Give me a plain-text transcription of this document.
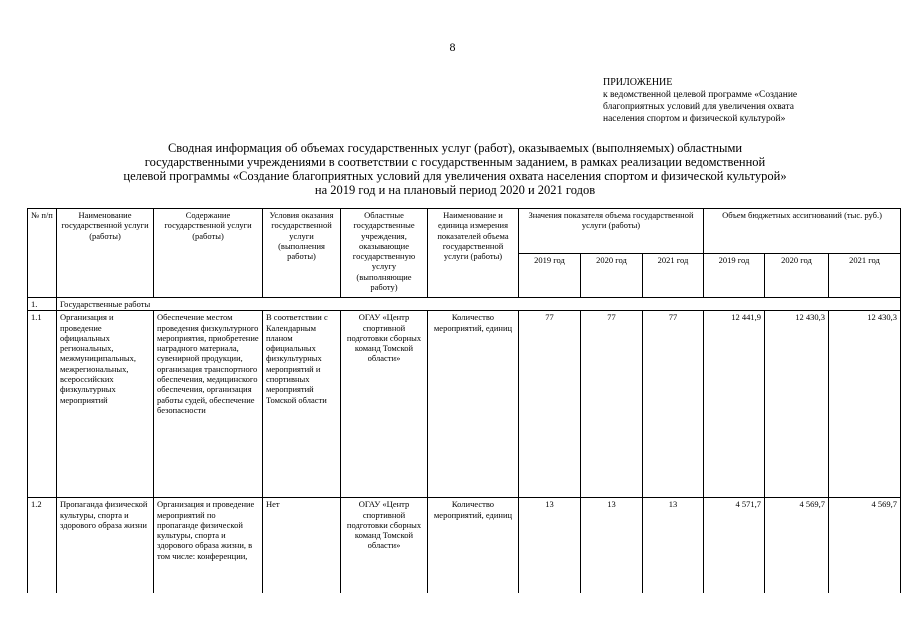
8
ПРИЛОЖЕНИЕ
к ведомственной целевой программе «Создание
благоприятных условий для увеличения охвата
населения спортом и физической культурой»
Сводная информация об объемах государственных услуг (работ), оказываемых (выполняемых) областными
государственными учреждениями в соответствии с государственным заданием, в рамках реализации ведомственной
целевой программы «Создание благоприятных условий для увеличения охвата населения спортом и физической культурой»
на 2019 год и на плановый период 2020 и 2021 годов
№ п/п	Наименование государственной услуги (работы)	Содержание государственной услуги (работы)	Условия оказания государственной услуги (выполнения работы)	Областные государственные учреждения, оказывающие государственную услугу (выполняющие работу)	Наименование и единица измерения показателей объема государственной услуги (работы)	Значения показателя объема государственной услуги (работы)			Объем бюджетных ассигнований (тыс. руб.)		
						2019 год	2020 год	2021 год	2019 год	2020 год	2021 год
1.	Государственные работы										
1.1	Организация и проведение официальных региональных, межмуниципальных, межрегиональных, всероссийских физкультурных мероприятий	Обеспечение местом проведения физкультурного мероприятия, приобретение наградного материала, сувенирной продукции, организация транспортного обеспечения, медицинского обеспечения, организация работы судей, обеспечение безопасности	В соответствии с Календарным планом официальных физкультурных мероприятий и спортивных мероприятий Томской области	ОГАУ «Центр спортивной подготовки сборных команд Томской области»	Количество мероприятий, единиц	77	77	77	12 441,9	12 430,3	12 430,3
1.2	Пропаганда физической культуры, спорта и здорового образа жизни	Организация и проведение мероприятий по пропаганде физической культуры, спорта и здорового образа жизни, в том числе: конференции,	Нет	ОГАУ «Центр спортивной подготовки сборных команд Томской области»	Количество мероприятий, единиц	13	13	13	4 571,7	4 569,7	4 569,7
